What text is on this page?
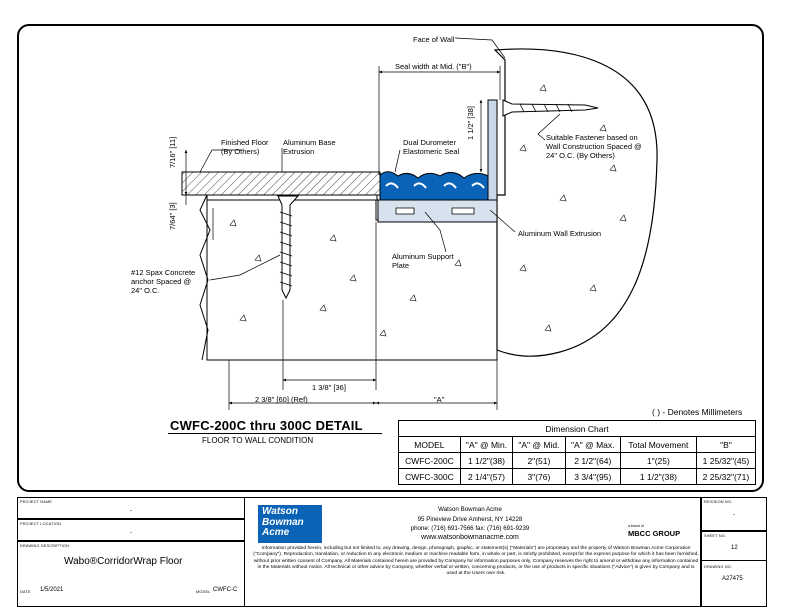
Face of Wall
Seal width at Mid. ("B")
Finished Floor
(By Others)
Aluminum Base
Extrusion
Dual Durometer
Elastomeric Seal
Suitable Fastener based on
Wall Construction Spaced @
24" O.C. (By Others)
Aluminum Wall Extrusion
Aluminum Support
Plate
#12 Spax Concrete
anchor Spaced @
24" O.C.
1 1/2" [38]
7/16" [11]
7/64" [3]
1 3/8" [36]
2 3/8" [60] (Ref)	"A"
CWFC-200C thru 300C DETAIL
FLOOR TO WALL CONDITION
( ) - Denotes Millimeters
Dimension Chart					
MODEL	"A" @ Min.	"A" @ Mid.	"A" @ Max.	Total Movement	"B"
CWFC-200C	1 1/2"(38)	2"(51)	2 1/2"(64)	1"(25)	1 25/32"(45)
CWFC-300C	2 1/4"(57)	3"(76)	3 3/4"(95)	1 1/2"(38)	2 25/32"(71)
PROJECT NAME
-
PROJECT LOCATION
-
DRAWING DESCRIPTION
Wabo®CorridorWrap Floor
DATE 1/5/2021	MODEL CWFC-C
Watson
Bowman
Acme
Watson Bowman Acme
95 Pineview Drive Amherst, NY 14228
phone: (716) 691-7566 fax: (716) 691-9239
www.watsonbowmanacme.com
a brand of
MBCC GROUP
Information provided herein, including but not limited to, any drawing, design, photograph, graphic, or statement(s) ("Materials") are proprietary and the property of Watson Bowman Acme Corporation ("Company"). Reproduction, translation, or reduction to any electronic medium or machine readable form, in whole or part, is strictly prohibited, except for the express purpose for which it has been furnished, without prior written consent of Company. All Materials contained herein are provided by Company for information purposes only. Company reserves the right to amend or withdraw any information contained in the Materials without notice. All technical or other advice by Company, whether verbal or written, concerning products, or the use of products in specific situations ("Advice") is given by Company and is used at the Users own risk.
REVISION NO.
-
SHEET NO.
12
DRAWING NO.
A27475
